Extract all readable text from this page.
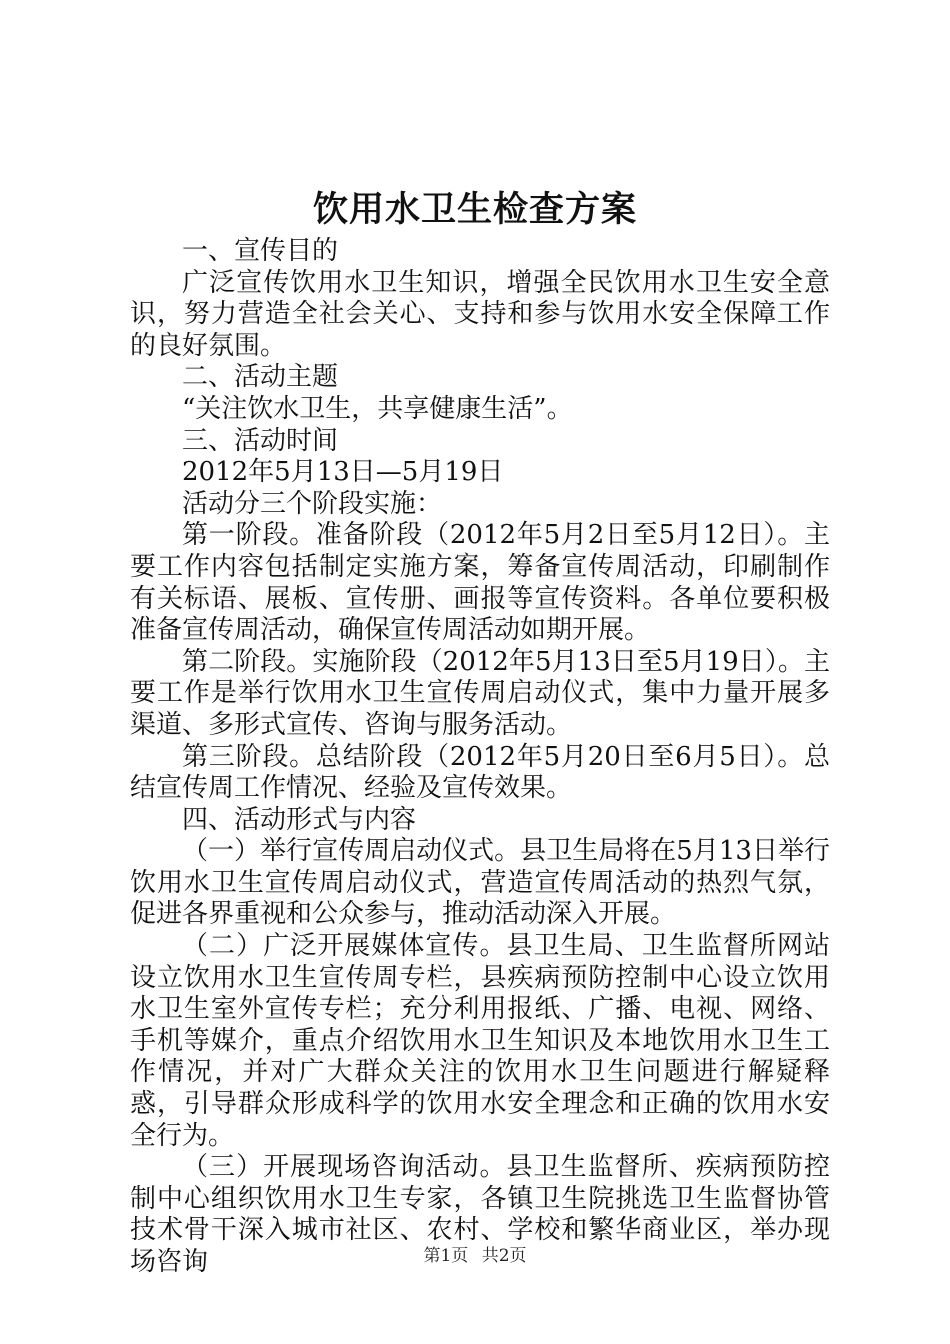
饮用水卫生检查方案

一、宣传目的

广泛宣传饮用水卫生知识，增强全民饮用水卫生安全意识，努力营造全社会关心、支持和参与饮用水安全保障工作的良好氛围。

二、活动主题

“关注饮水卫生，共享健康生活”。

三、活动时间

2012年5月13日—5月19日

活动分三个阶段实施：

第一阶段。准备阶段（2012年5月2日至5月12日）。主要工作内容包括制定实施方案，筹备宣传周活动，印刷制作有关标语、展板、宣传册、画报等宣传资料。各单位要积极准备宣传周活动，确保宣传周活动如期开展。

第二阶段。实施阶段（2012年5月13日至5月19日）。主要工作是举行饮用水卫生宣传周启动仪式，集中力量开展多渠道、多形式宣传、咨询与服务活动。

第三阶段。总结阶段（2012年5月20日至6月5日）。总结宣传周工作情况、经验及宣传效果。

四、活动形式与内容

（一）举行宣传周启动仪式。县卫生局将在5月13日举行饮用水卫生宣传周启动仪式，营造宣传周活动的热烈气氛，促进各界重视和公众参与，推动活动深入开展。

（二）广泛开展媒体宣传。县卫生局、卫生监督所网站设立饮用水卫生宣传周专栏，县疾病预防控制中心设立饮用水卫生室外宣传专栏；充分利用报纸、广播、电视、网络、手机等媒介，重点介绍饮用水卫生知识及本地饮用水卫生工作情况，并对广大群众关注的饮用水卫生问题进行解疑释惑，引导群众形成科学的饮用水安全理念和正确的饮用水安全行为。

（三）开展现场咨询活动。县卫生监督所、疾病预防控制中心组织饮用水卫生专家，各镇卫生院挑选卫生监督协管技术骨干深入城市社区、农村、学校和繁华商业区，举办现场咨询	第1页 共2页
